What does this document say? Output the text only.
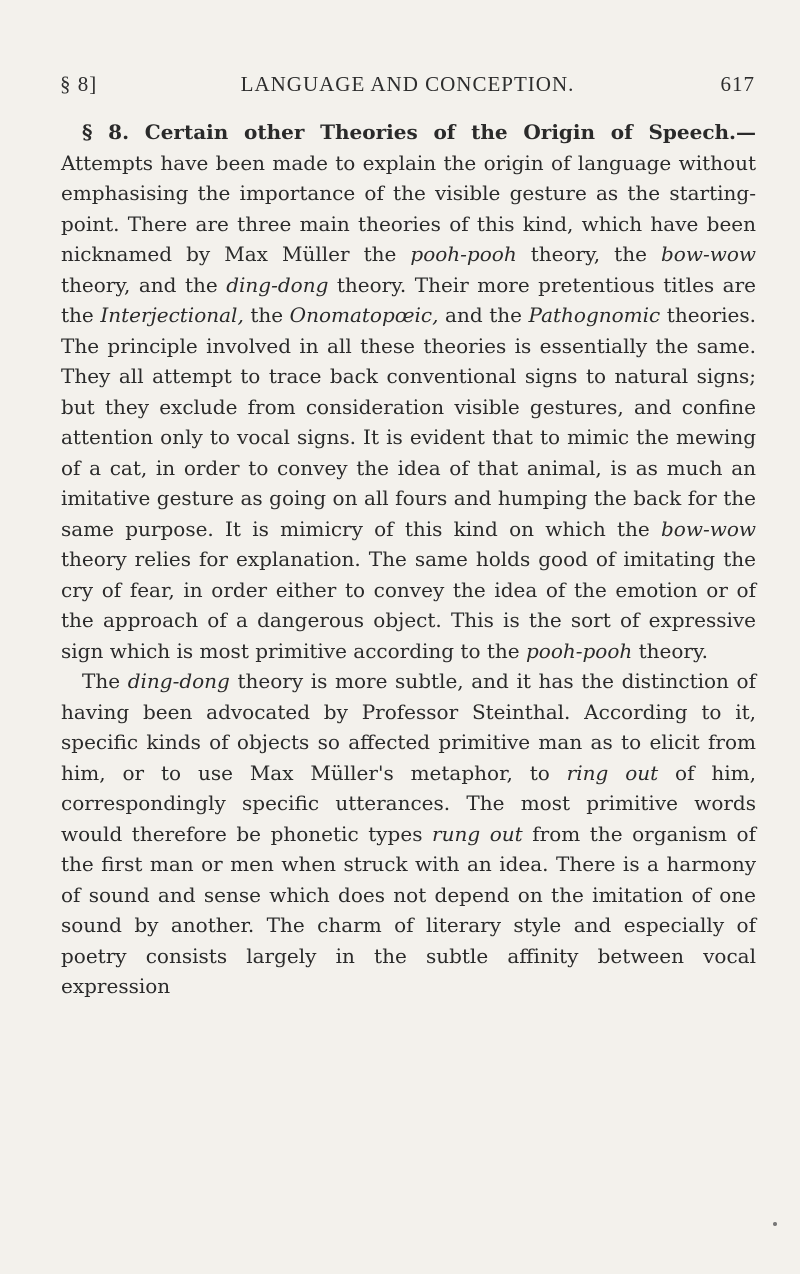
§ 8]	LANGUAGE AND CONCEPTION.	617

§ 8. Certain other Theories of the Origin of Speech.— Attempts have been made to explain the origin of language without emphasising the importance of the visible gesture as the starting-point. There are three main theories of this kind, which have been nicknamed by Max Müller the pooh-pooh theory, the bow-wow theory, and the ding-dong theory. Their more pretentious titles are the Interjectional, the Onomatopœic, and the Pathognomic theories. The principle involved in all these theories is essentially the same. They all attempt to trace back conventional signs to natural signs; but they exclude from consideration visible gestures, and confine attention only to vocal signs. It is evident that to mimic the mewing of a cat, in order to convey the idea of that animal, is as much an imitative gesture as going on all fours and humping the back for the same purpose. It is mimicry of this kind on which the bow-wow theory relies for explanation. The same holds good of imitating the cry of fear, in order either to convey the idea of the emotion or of the approach of a dangerous object. This is the sort of expressive sign which is most primitive according to the pooh-pooh theory.

The ding-dong theory is more subtle, and it has the distinction of having been advocated by Professor Steinthal. According to it, specific kinds of objects so affected primitive man as to elicit from him, or to use Max Müller's metaphor, to ring out of him, correspondingly specific utterances. The most primitive words would therefore be phonetic types rung out from the organism of the first man or men when struck with an idea. There is a harmony of sound and sense which does not depend on the imitation of one sound by another. The charm of literary style and especially of poetry consists largely in the subtle affinity between vocal expression
